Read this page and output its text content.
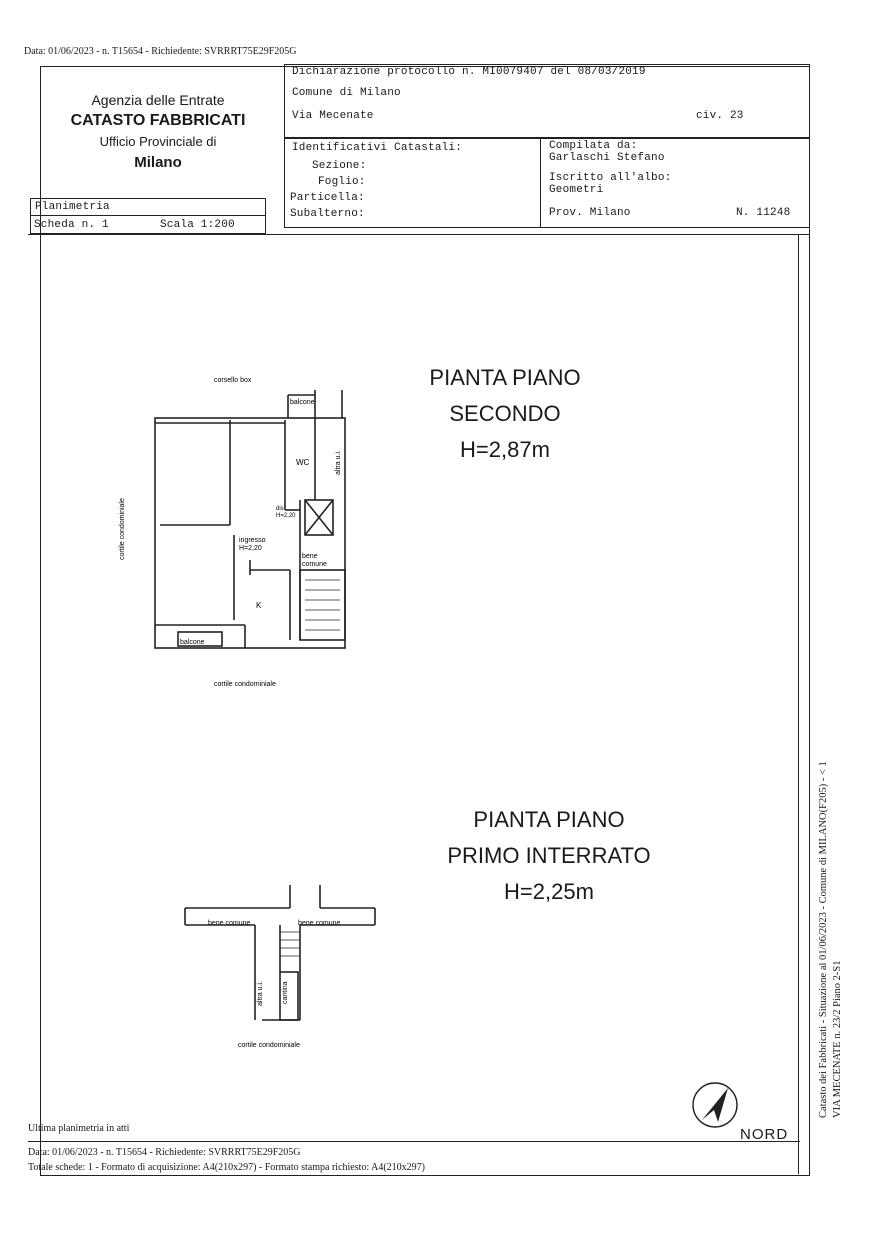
Data: 01/06/2023 - n. T15654 - Richiedente: SVRRRT75E29F205G
Agenzia delle Entrate
CATASTO FABBRICATI
Ufficio Provinciale di
Milano
Planimetria
Scheda n. 1	Scala 1:200
Dichiarazione protocollo n. MI0079407 del 08/03/2019
Comune di Milano
Via Mecenate	civ. 23
Identificativi Catastali:
Sezione:
Foglio:
Particella:
Subalterno:
Compilata da:
Garlaschi Stefano
Iscritto all'albo:
Geometri
Prov. Milano	N. 11248
PIANTA PIANO
SECONDO
H=2,87m
PIANTA PIANO
PRIMO INTERRATO
H=2,25m
corsello box
balcone
WC	altra u.i.
dis
H=2,20
ingresso
H=2,20
bene
comune
K
balcone
cortile condominiale
cortile condominiale
bene comune	bene comune
altra u.i.	cantina
cortile condominiale
NORD
Catasto dei Fabbricati - Situazione al 01/06/2023 - Comune di MILANO(F205) - < 1 VIA MECENATE n. 23/2 Piano 2-S1
Ultima planimetria in atti
Data: 01/06/2023 - n. T15654 - Richiedente: SVRRRT75E29F205G
Totale schede: 1 - Formato di acquisizione: A4(210x297) - Formato stampa richiesto: A4(210x297)
